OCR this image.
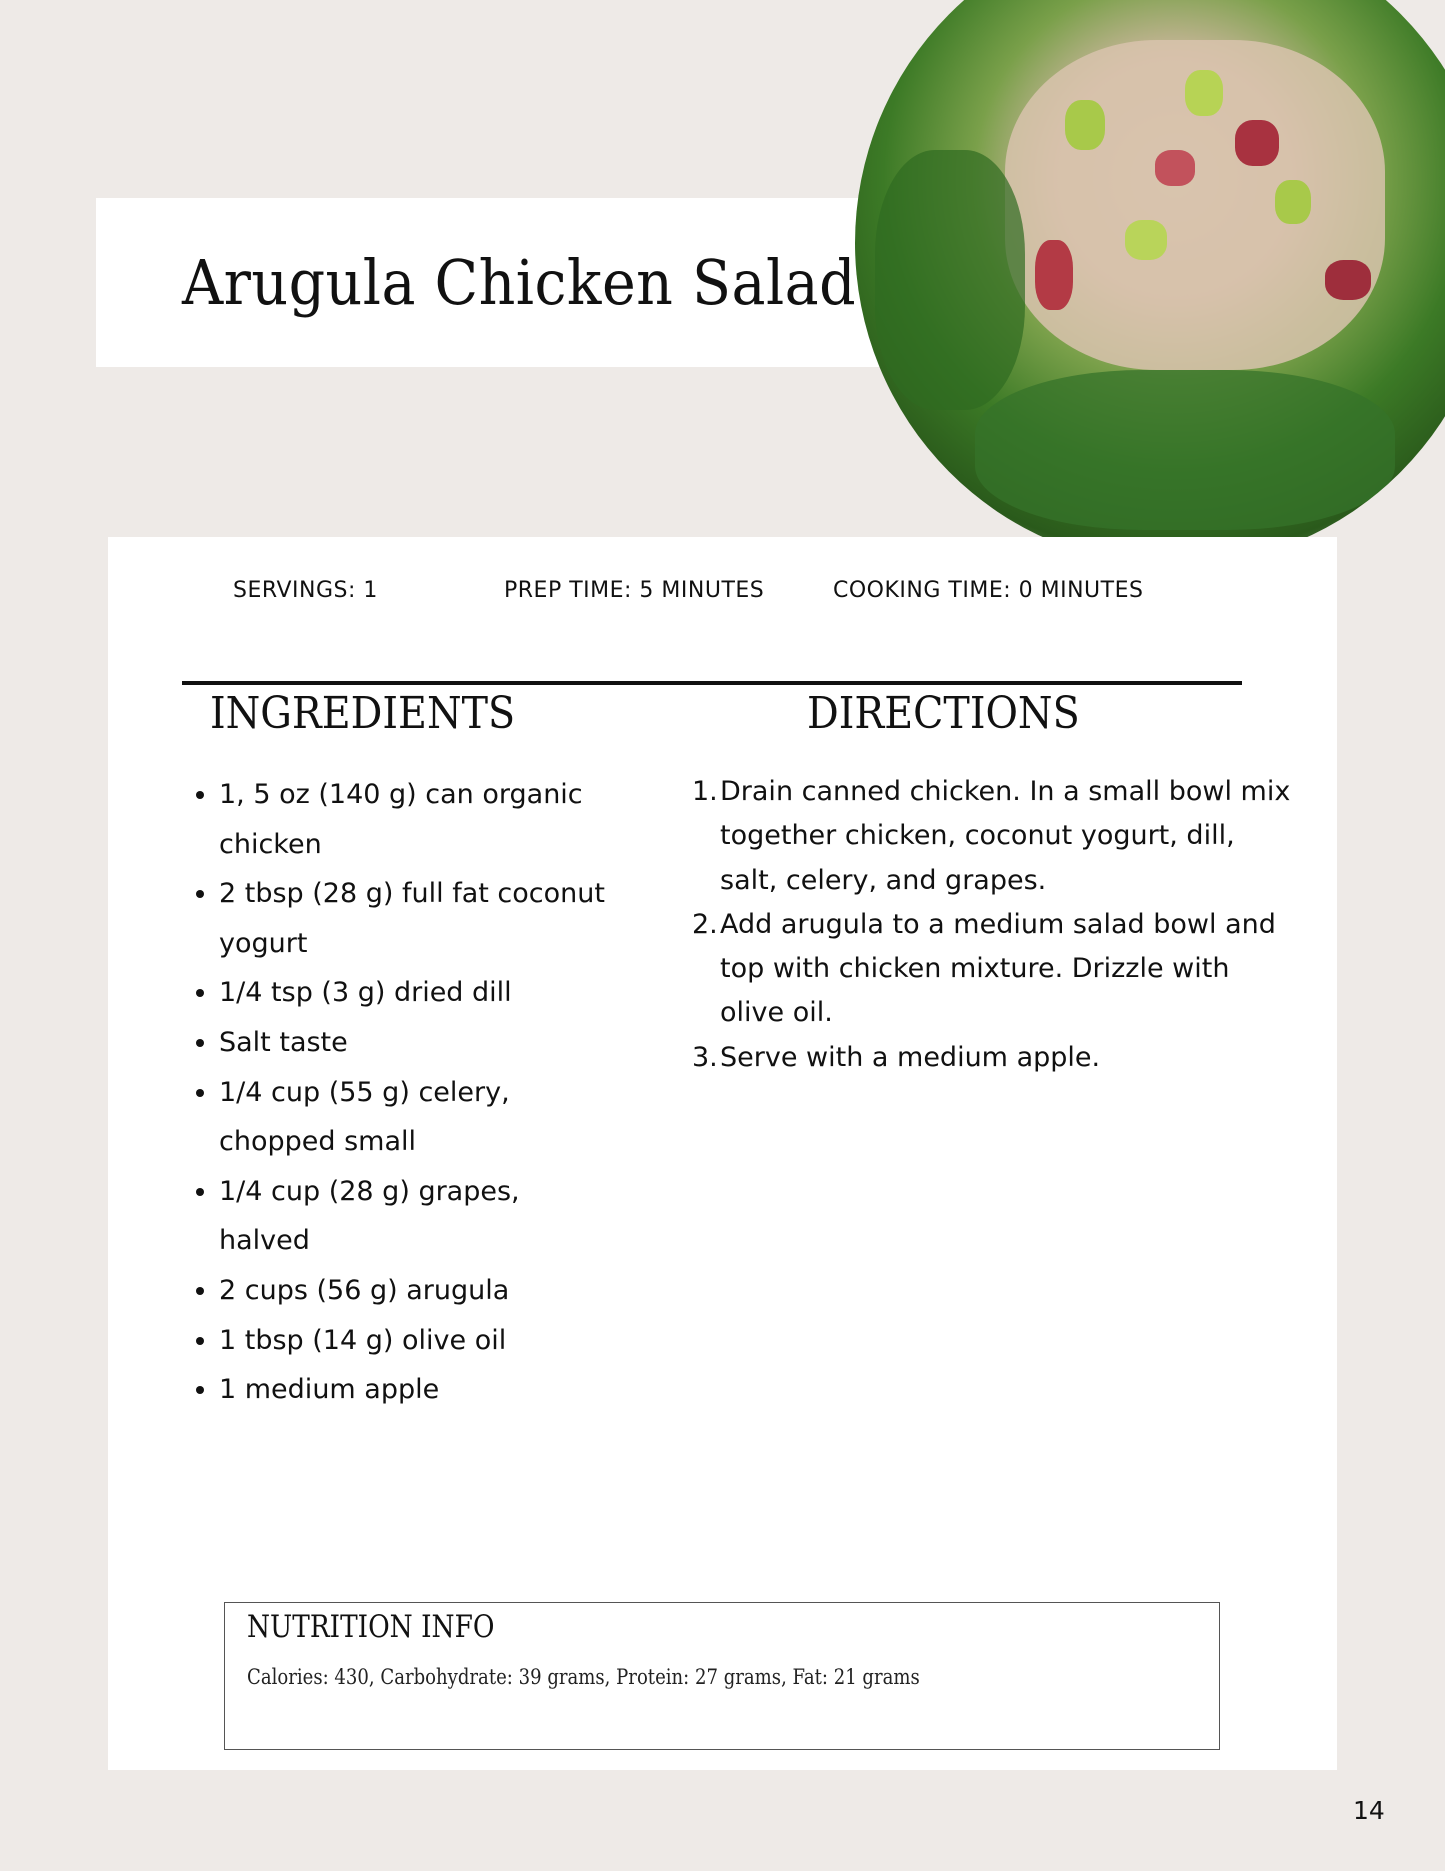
Arugula Chicken Salad
SERVINGS: 1	PREP TIME: 5 MINUTES	COOKING TIME: 0 MINUTES
INGREDIENTS	DIRECTIONS
• 1, 5 oz (140 g) can organic chicken
• 2 tbsp (28 g) full fat coconut yogurt
• 1/4 tsp (3 g) dried dill
• Salt taste
• 1/4 cup (55 g) celery, chopped small
• 1/4 cup (28 g) grapes, halved
• 2 cups (56 g) arugula
• 1 tbsp (14 g) olive oil
• 1 medium apple
1. Drain canned chicken. In a small bowl mix together chicken, coconut yogurt, dill, salt, celery, and grapes.
2. Add arugula to a medium salad bowl and top with chicken mixture. Drizzle with olive oil.
3. Serve with a medium apple.
NUTRITION INFO
Calories: 430, Carbohydrate: 39 grams, Protein: 27 grams, Fat: 21 grams
14
